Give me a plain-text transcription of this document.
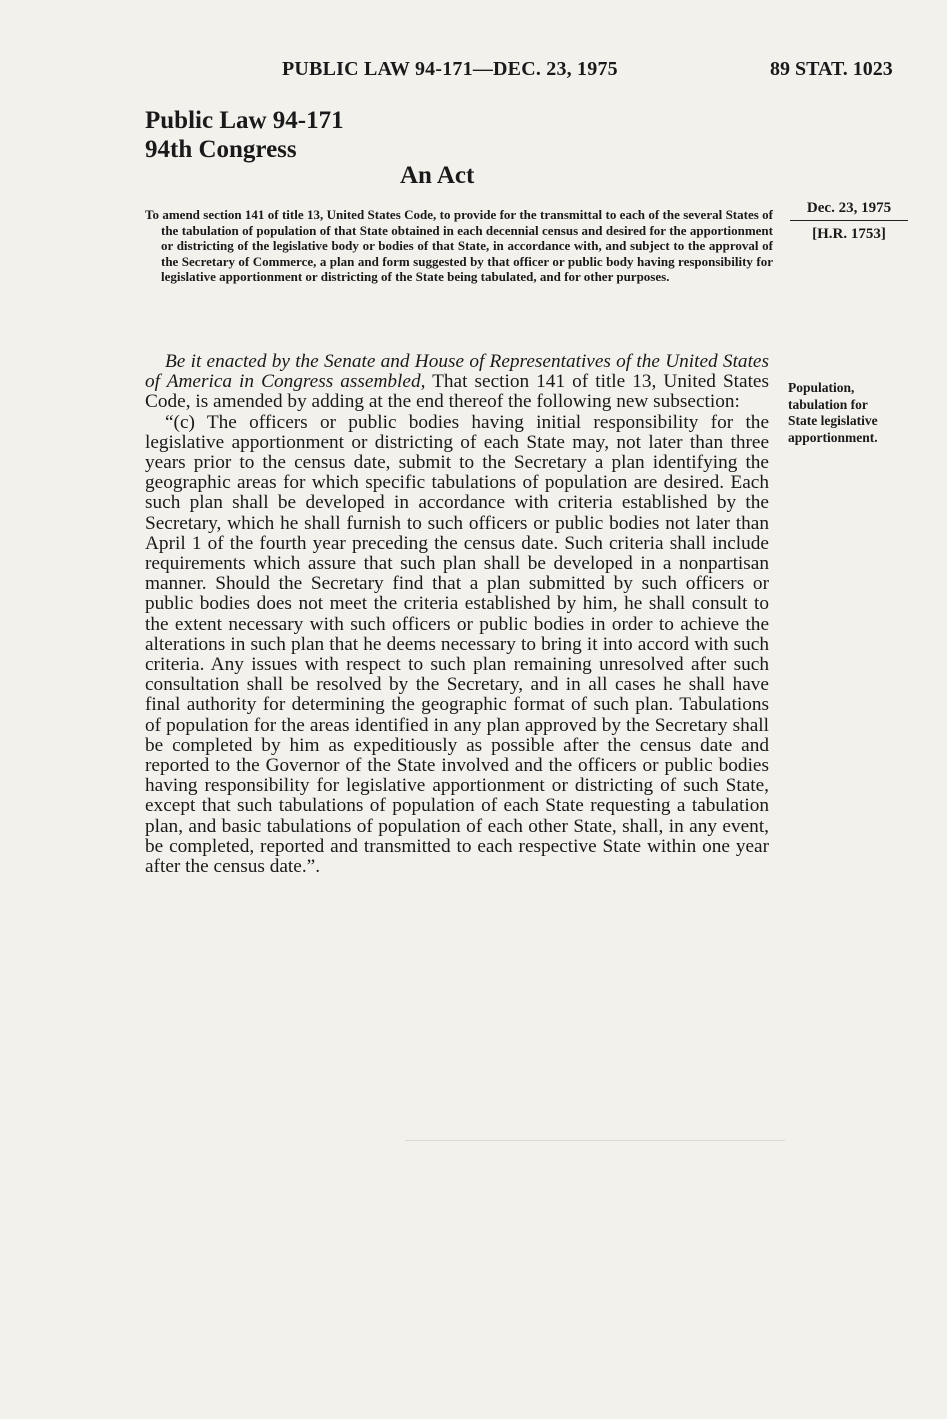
PUBLIC LAW 94-171—DEC. 23, 1975	89 STAT. 1023
Public Law 94-171
94th Congress
An Act

To amend section 141 of title 13, United States Code, to provide for the transmittal to each of the several States of the tabulation of population of that State obtained in each decennial census and desired for the apportionment or districting of the legislative body or bodies of that State, in accordance with, and subject to the approval of the Secretary of Commerce, a plan and form suggested by that officer or public body having responsibility for legislative apportionment or districting of the State being tabulated, and for other purposes.

Dec. 23, 1975
[H.R. 1753]
Population,
tabulation for
State legislative
apportionment.

Be it enacted by the Senate and House of Representatives of the United States of America in Congress assembled, That section 141 of title 13, United States Code, is amended by adding at the end thereof the following new subsection:

“(c) The officers or public bodies having initial responsibility for the legislative apportionment or districting of each State may, not later than three years prior to the census date, submit to the Secretary a plan identifying the geographic areas for which specific tabulations of population are desired. Each such plan shall be developed in accordance with criteria established by the Secretary, which he shall furnish to such officers or public bodies not later than April 1 of the fourth year preceding the census date. Such criteria shall include requirements which assure that such plan shall be developed in a nonpartisan manner. Should the Secretary find that a plan submitted by such officers or public bodies does not meet the criteria established by him, he shall consult to the extent necessary with such officers or public bodies in order to achieve the alterations in such plan that he deems necessary to bring it into accord with such criteria. Any issues with respect to such plan remaining unresolved after such consultation shall be resolved by the Secretary, and in all cases he shall have final authority for determining the geographic format of such plan. Tabulations of population for the areas identified in any plan approved by the Secretary shall be completed by him as expeditiously as possible after the census date and reported to the Governor of the State involved and the officers or public bodies having responsibility for legislative apportionment or districting of such State, except that such tabulations of population of each State requesting a tabulation plan, and basic tabulations of population of each other State, shall, in any event, be completed, reported and transmitted to each respective State within one year after the census date.”.
